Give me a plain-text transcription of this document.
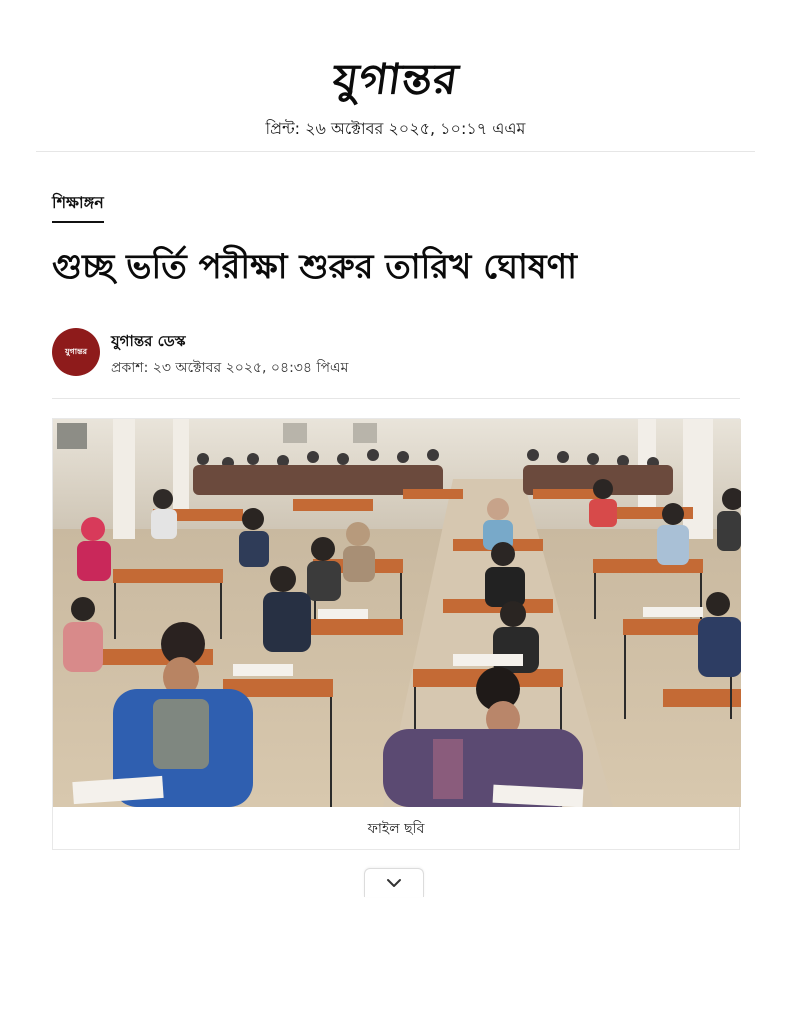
যুগান্তর
প্রিন্ট: ২৬ অক্টোবর ২০২৫, ১০:১৭ এএম
শিক্ষাঙ্গন
গুচ্ছ ভর্তি পরীক্ষা শুরুর তারিখ ঘোষণা
যুগান্তর
যুগান্তর ডেস্ক
প্রকাশ: ২৩ অক্টোবর ২০২৫, ০৪:৩৪ পিএম
ফাইল ছবি
